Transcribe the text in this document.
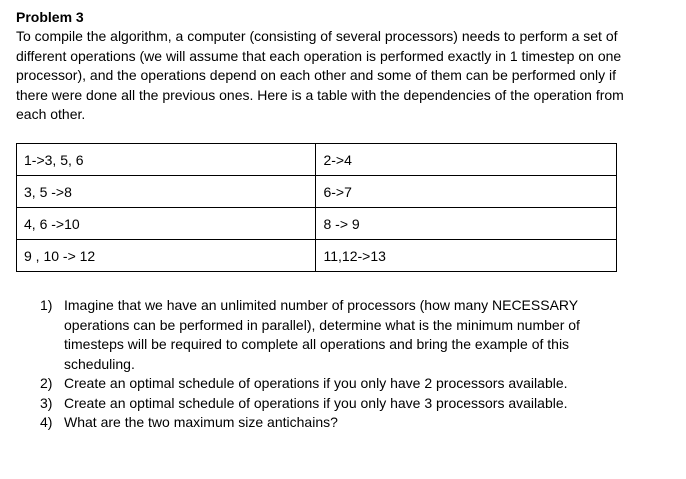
Problem 3

To compile the algorithm, a computer (consisting of several processors) needs to perform a set of different operations (we will assume that each operation is performed exactly in 1 timestep on one processor), and the operations depend on each other and some of them can be performed only if there were done all the previous ones. Here is a table with the dependencies of the operation from each other.

1->3, 5, 6	2->4
3, 5 ->8	6->7
4, 6 ->10	8 -> 9
9 , 10 -> 12	11,12->13
1) Imagine that we have an unlimited number of processors (how many NECESSARY operations can be performed in parallel), determine what is the minimum number of timesteps will be required to complete all operations and bring the example of this scheduling.
2) Create an optimal schedule of operations if you only have 2 processors available.
3) Create an optimal schedule of operations if you only have 3 processors available.
4) What are the two maximum size antichains?
